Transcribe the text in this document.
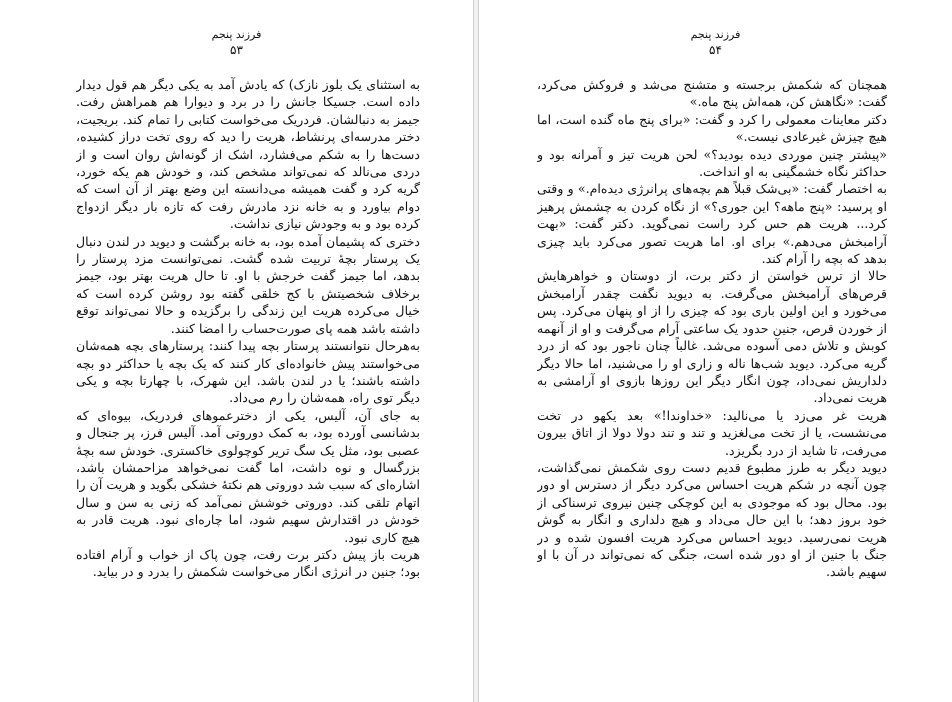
فرزند پنجم
۵۳

به استثنای یک بلوز نازک) که یادش آمد به یکی دیگر هم قول دیدار داده است. جسیکا جانش را در برد و دیوارا هم همراهش رفت. جیمز به دنبالشان. فردریک می‌خواست کتابی را تمام کند. بریجیت، دختر مدرسه‌ای پرنشاط، هریت را دید که روی تخت دراز کشیده، دست‌ها را به شکم می‌فشارد، اشک از گونه‌اش روان است و از دردی می‌نالد که نمی‌تواند مشخص کند، و خودش هم یکه خورد، گریه کرد و گفت همیشه می‌دانسته این وضع بهتر از آن است که دوام بیاورد و به خانه نزد مادرش رفت که تازه بار دیگر ازدواج کرده بود و به وجودش نیازی نداشت.

دختری که پشیمان آمده بود، به خانه برگشت و دیوید در لندن دنبال یک پرستار بچهٔ تربیت شده گشت. نمی‌توانست مزد پرستار را بدهد، اما جیمز گفت خرجش با او. تا حال هریت بهتر بود، جیمز برخلاف شخصیتش با کج خلقی گفته بود روشن کرده است که خیال می‌کرده هریت این زندگی را برگزیده و حالا نمی‌تواند توقع داشته باشد همه پای صورت‌حساب را امضا کنند.

به‌هرحال نتوانستند پرستار بچه پیدا کنند: پرستارهای بچه همه‌شان می‌خواستند پیش خانواده‌ای کار کنند که یک بچه یا حداکثر دو بچه داشته باشند؛ یا در لندن باشد. این شهرک، با چهارتا بچه و یکی دیگر توی راه، همه‌شان را رم می‌داد.

به جای آن، آلیس، یکی از دخترعموهای فردریک، بیوه‌ای که بدشانسی آورده بود، به کمک دوروتی آمد. آلیس فرز، پر جنجال و عصبی بود، مثل یک سگ تریر کوچولوی خاکستری. خودش سه بچهٔ بزرگسال و نوه داشت، اما گفت نمی‌خواهد مزاحمشان باشد، اشاره‌ای که سبب شد دوروتی هم نکتهٔ خشکی بگوید و هریت آن را اتهام تلقی کند. دوروتی خوشش نمی‌آمد که زنی به سن و سال خودش در اقتدارش سهیم شود، اما چاره‌ای نبود. هریت قادر به هیچ کاری نبود.

هریت باز پیش دکتر برت رفت، چون پاک از خواب و آرام افتاده بود؛ جنین در انرژی انگار می‌خواست شکمش را بدرد و در بیاید.

فرزند پنجم
۵۴

همچنان که شکمش برجسته و متشنج می‌شد و فروکش می‌کرد، گفت: «نگاهش کن، همه‌اش پنج ماه.»

دکتر معاینات معمولی را کرد و گفت: «برای پنج ماه گنده است، اما هیچ چیزش غیرعادی نیست.»

«پیشتر چنین موردی دیده بودید؟» لحن هریت تیز و آمرانه بود و حداکثر نگاه خشمگینی به او انداخت.

به اختصار گفت: «بی‌شک قبلاً هم بچه‌های پرانرژی دیده‌ام.» و وقتی او پرسید: «پنج ماهه؟ این جوری؟» از نگاه کردن به چشمش پرهیز کرد... هریت هم حس کرد راست نمی‌گوید. دکتر گفت: «بهت آرامبخش می‌دهم.» برای او. اما هریت تصور می‌کرد باید چیزی بدهد که بچه را آرام کند.

حالا از ترس خواستن از دکتر برت، از دوستان و خواهرهایش قرص‌های آرامبخش می‌گرفت. به دیوید نگفت چقدر آرامبخش می‌خورد و این اولین باری بود که چیزی را از او پنهان می‌کرد. پس از خوردن قرص، جنین حدود یک ساعتی آرام می‌گرفت و او از آنهمه کوبش و تلاش دمی آسوده می‌شد. غالباً چنان ناجور بود که از درد گریه می‌کرد. دیوید شب‌ها ناله و زاری او را می‌شنید، اما حالا دیگر دلداریش نمی‌داد، چون انگار دیگر این روزها بازوی او آرامشی به هریت نمی‌داد.

هریت غر می‌زد یا می‌نالید: «خداوندا!» بعد یکهو در تخت می‌نشست، یا از تخت می‌لغزید و تند و تند دولا دولا از اتاق بیرون می‌رفت، تا شاید از درد بگریزد.

دیوید دیگر به طرز مطبوع قدیم دست روی شکمش نمی‌گذاشت، چون آنچه در شکم هریت احساس می‌کرد دیگر از دسترس او دور بود. محال بود که موجودی به این کوچکی چنین نیروی ترسناکی از خود بروز دهد؛ با این حال می‌داد و هیچ دلداری و انگار به گوش هریت نمی‌رسید. دیوید احساس می‌کرد هریت افسون شده و در جنگ با جنین از او دور شده است، جنگی که نمی‌تواند در آن با او سهیم باشد.
